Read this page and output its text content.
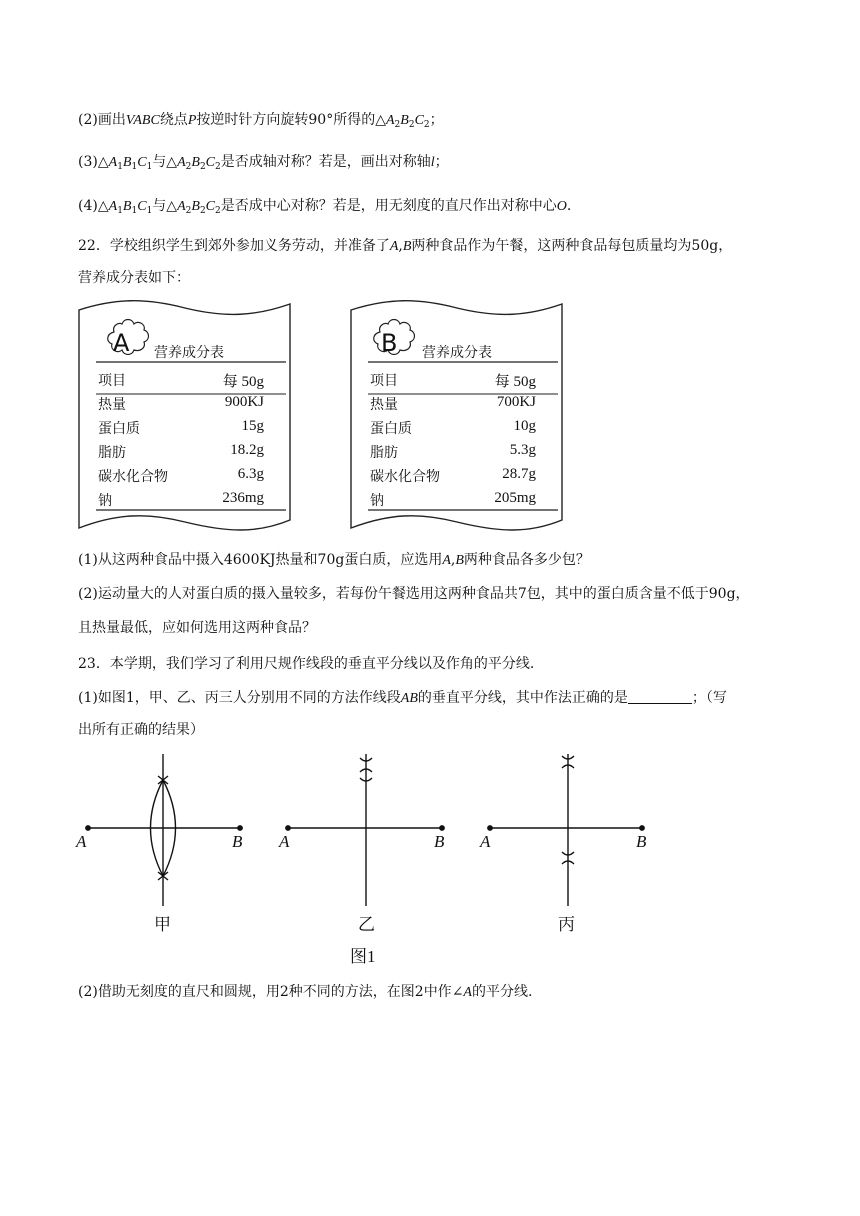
(2)画出VABC绕点P按逆时针方向旋转90°所得的$\triangle A_2B_2C_2$；
$(3)\triangle A_1B_1C_1$与$\triangle A_2B_2C_2$是否成轴对称？若是，画出对称轴l；
$(4)\triangle A_1B_1C_1$与$\triangle A_2B_2C_2$是否成中心对称？若是，用无刻度的直尺作出对称中心O.
22．学校组织学生到郊外参加义务劳动，并准备了A,B两种食品作为午餐，这两种食品每包质量均为50g，
营养成分表如下：
A 营养成分表
项目	每 50g
热量	900KJ
蛋白质	15g
脂肪	18.2g
碳水化合物	6.3g
钠	236mg
B 营养成分表
项目	每 50g
热量	700KJ
蛋白质	10g
脂肪	5.3g
碳水化合物	28.7g
钠	205mg
(1)从这两种食品中摄入4600KJ热量和70g蛋白质，应选用A,B两种食品各多少包？
(2)运动量大的人对蛋白质的摄入量较多，若每份午餐选用这两种食品共7包，其中的蛋白质含量不低于90g，
且热量最低，应如何选用这两种食品？
23．本学期，我们学习了利用尺规作线段的垂直平分线以及作角的平分线.
(1)如图1，甲、乙、丙三人分别用不同的方法作线段AB的垂直平分线，其中作法正确的是	；（写
出所有正确的结果）
A	B A	B A	B
甲	乙	丙
图1
(2)借助无刻度的直尺和圆规，用2种不同的方法，在图2中作∠A的平分线.
